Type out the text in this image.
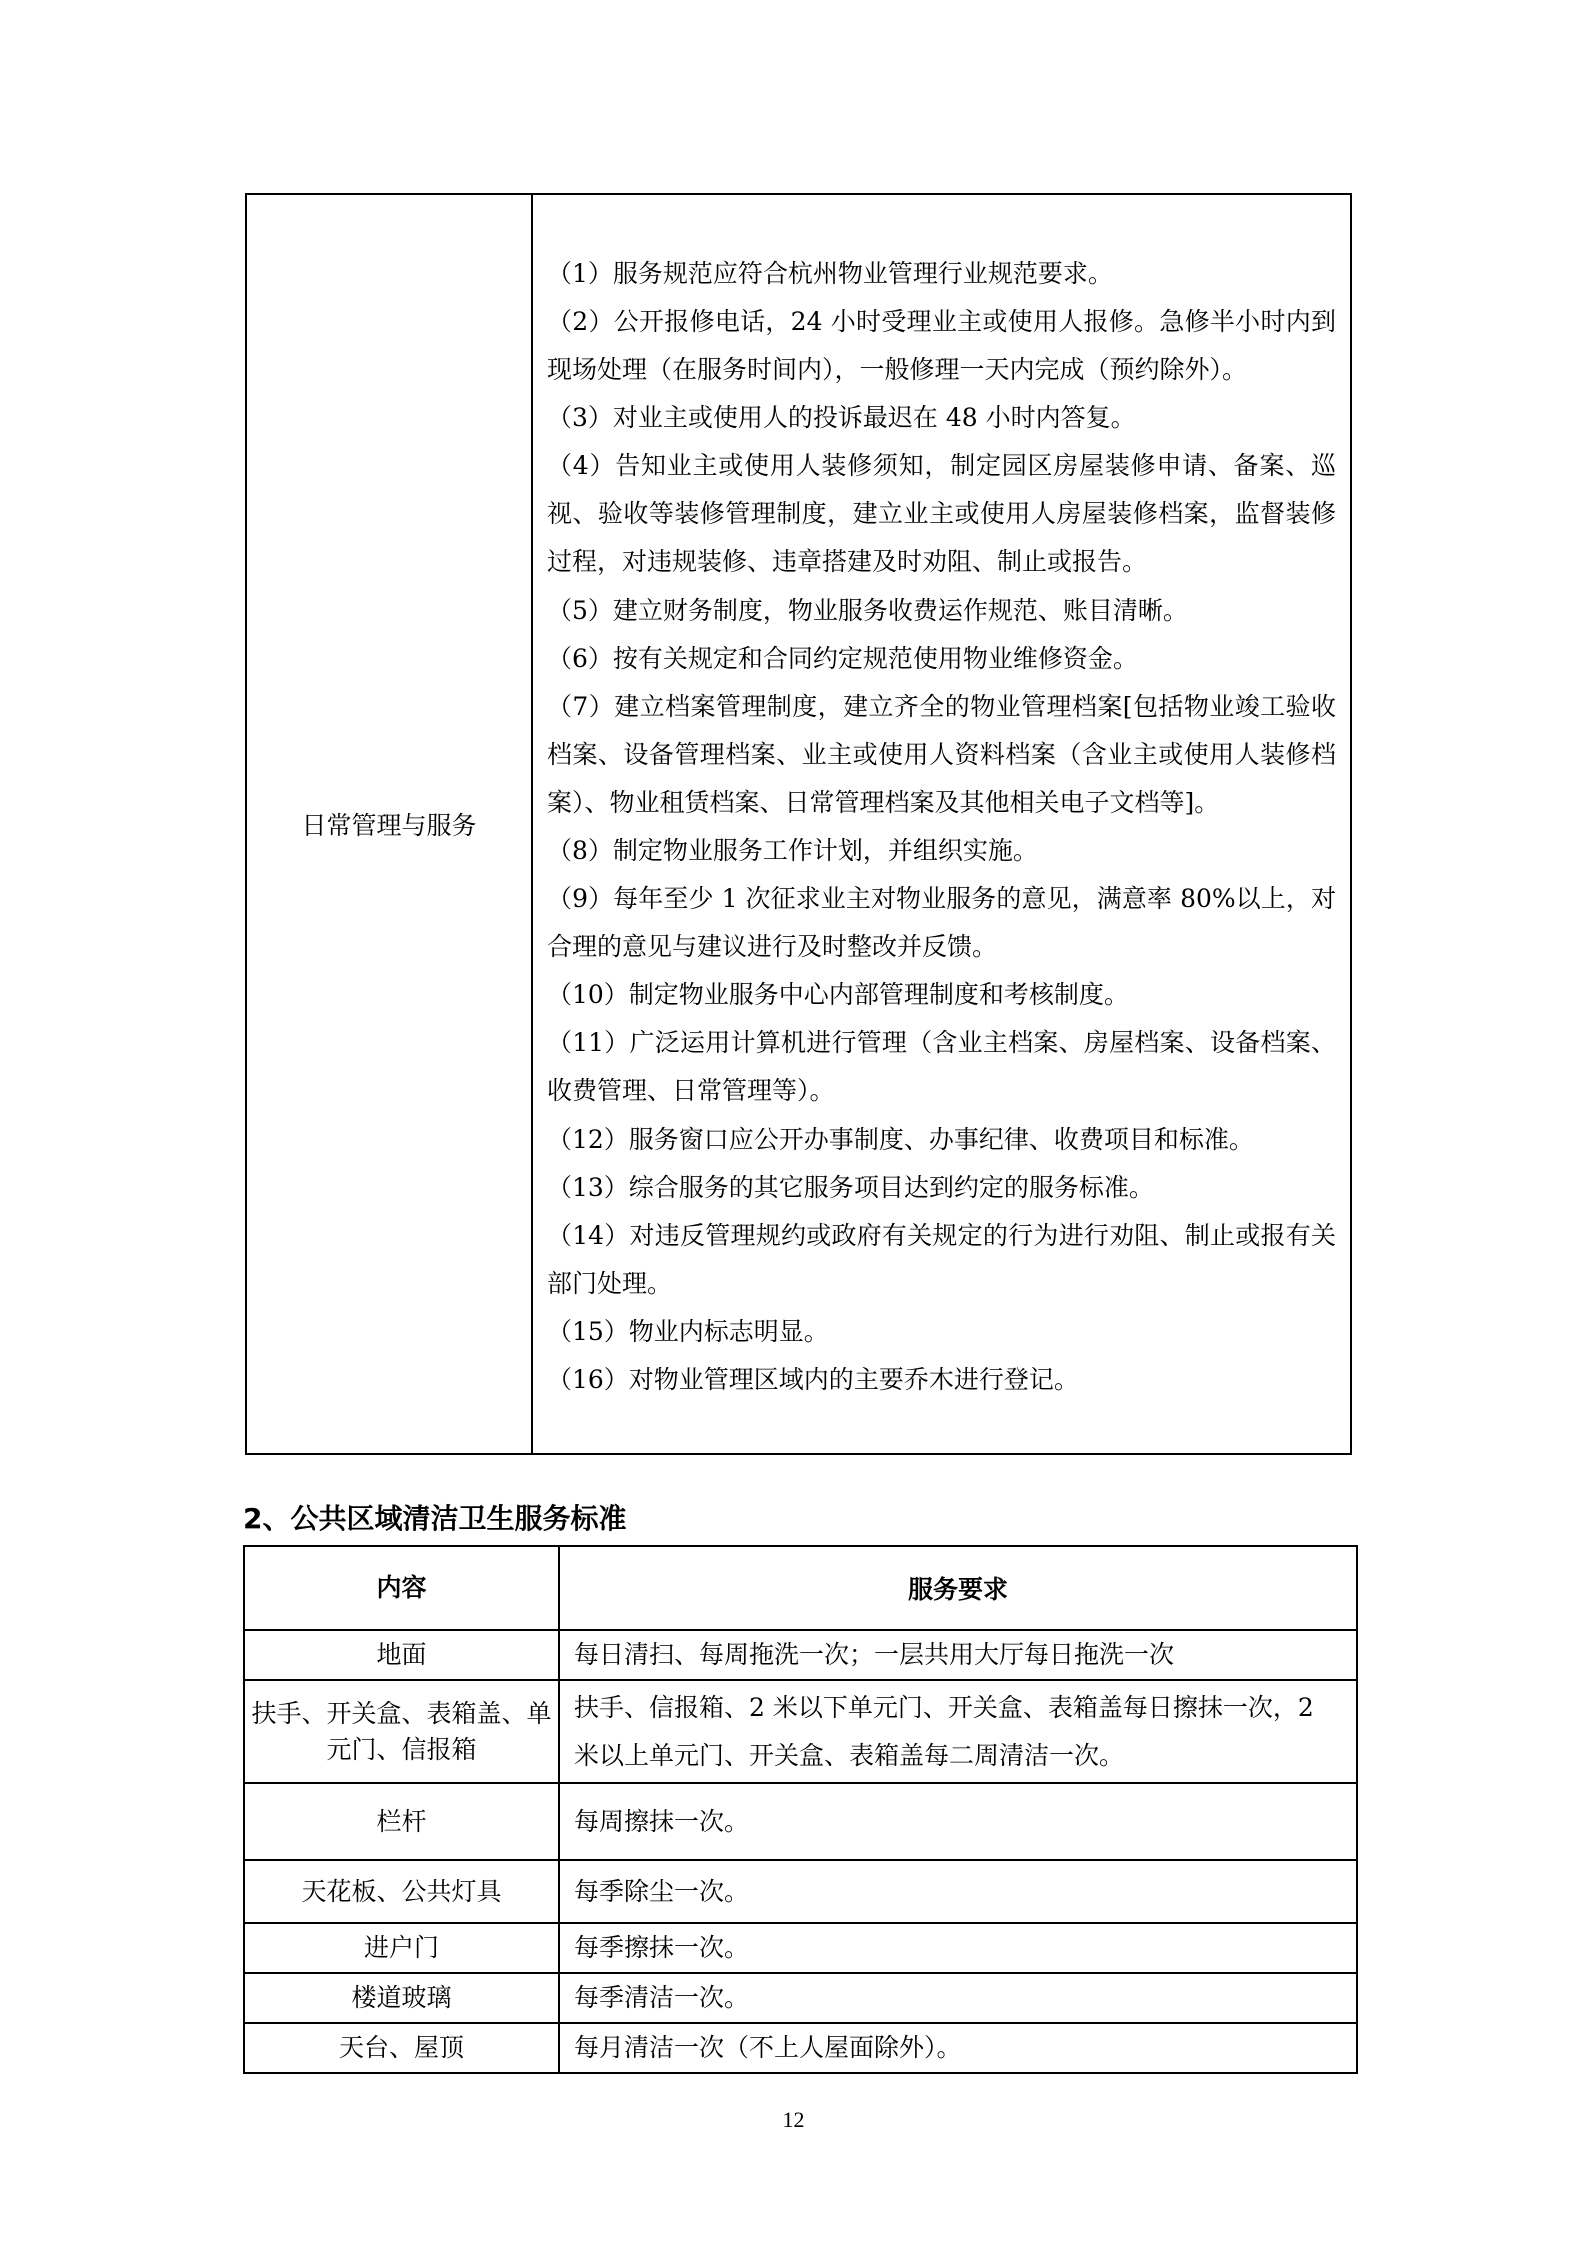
日常管理与服务	

（1）服务规范应符合杭州物业管理行业规范要求。

（2）公开报修电话，24 小时受理业主或使用人报修。急修半小时内到现场处理（在服务时间内），一般修理一天内完成（预约除外）。

（3）对业主或使用人的投诉最迟在 48 小时内答复。

（4）告知业主或使用人装修须知，制定园区房屋装修申请、备案、巡视、验收等装修管理制度，建立业主或使用人房屋装修档案，监督装修过程，对违规装修、违章搭建及时劝阻、制止或报告。

（5）建立财务制度，物业服务收费运作规范、账目清晰。

（6）按有关规定和合同约定规范使用物业维修资金。

（7）建立档案管理制度，建立齐全的物业管理档案[包括物业竣工验收档案、设备管理档案、业主或使用人资料档案（含业主或使用人装修档案）、物业租赁档案、日常管理档案及其他相关电子文档等]。

（8）制定物业服务工作计划，并组织实施。

（9）每年至少 1 次征求业主对物业服务的意见，满意率 80%以上，对合理的意见与建议进行及时整改并反馈。

（10）制定物业服务中心内部管理制度和考核制度。

（11）广泛运用计算机进行管理（含业主档案、房屋档案、设备档案、收费管理、日常管理等）。

（12）服务窗口应公开办事制度、办事纪律、收费项目和标准。

（13）综合服务的其它服务项目达到约定的服务标准。

（14）对违反管理规约或政府有关规定的行为进行劝阻、制止或报有关部门处理。

（15）物业内标志明显。

（16）对物业管理区域内的主要乔木进行登记。

2、公共区域清洁卫生服务标准
内容	服务要求
地面	每日清扫、每周拖洗一次；一层共用大厅每日拖洗一次
扶手、开关盒、表箱盖、单元门、信报箱	扶手、信报箱、2 米以下单元门、开关盒、表箱盖每日擦抹一次，2 米以上单元门、开关盒、表箱盖每二周清洁一次。
栏杆	每周擦抹一次。
天花板、公共灯具	每季除尘一次。
进户门	每季擦抹一次。
楼道玻璃	每季清洁一次。
天台、屋顶	每月清洁一次（不上人屋面除外）。
12
